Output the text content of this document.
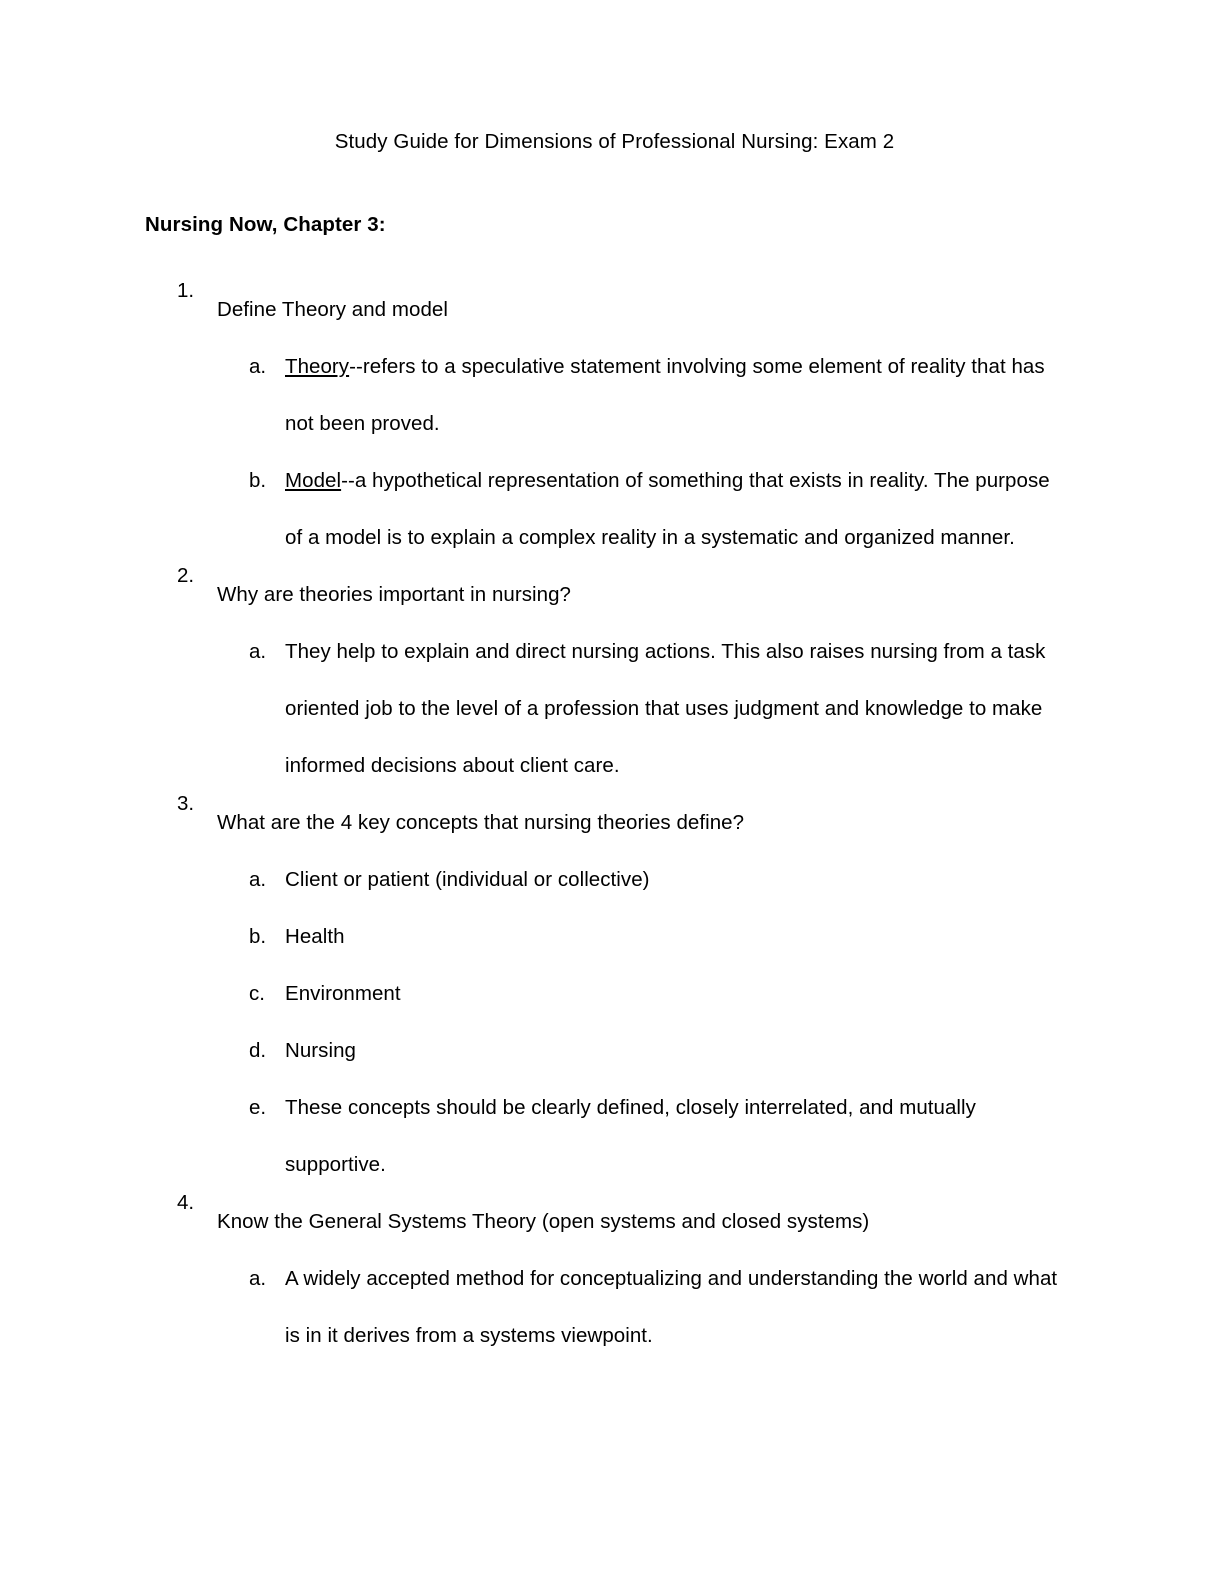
Study Guide for Dimensions of Professional Nursing: Exam 2
Nursing Now, Chapter 3:
1.
Define Theory and model
a. Theory--refers to a speculative statement involving some element of reality that has not been proved.
b. Model--a hypothetical representation of something that exists in reality. The purpose of a model is to explain a complex reality in a systematic and organized manner.
2.
Why are theories important in nursing?
a. They help to explain and direct nursing actions. This also raises nursing from a task oriented job to the level of a profession that uses judgment and knowledge to make informed decisions about client care.
3.
What are the 4 key concepts that nursing theories define?
a. Client or patient (individual or collective)
b. Health
c. Environment
d. Nursing
e. These concepts should be clearly defined, closely interrelated, and mutually supportive.
4.
Know the General Systems Theory (open systems and closed systems)
a. A widely accepted method for conceptualizing and understanding the world and what is in it derives from a systems viewpoint.
